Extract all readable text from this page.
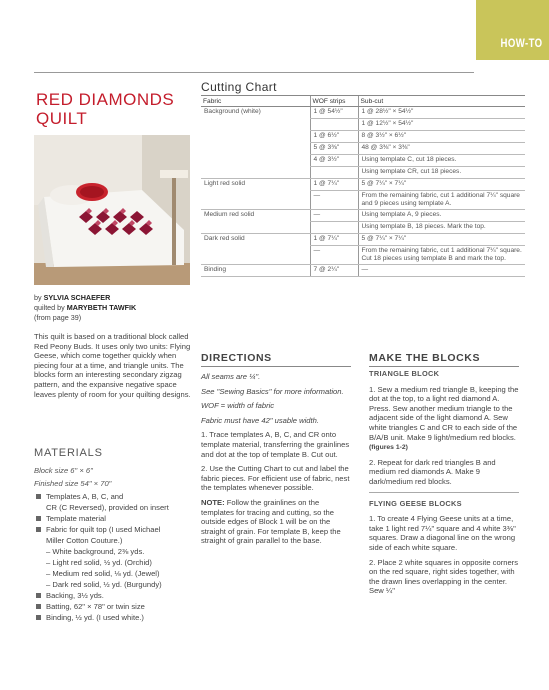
HOW-TO
RED DIAMONDS
QUILT
by SYLVIA SCHAEFER
quilted by MARYBETH TAWFIK
(from page 39)
This quilt is based on a traditional block called Red Peony Buds. It uses only two units: Flying Geese, which come together quickly when piecing four at a time, and triangle units. The blocks form an interesting secondary zigzag pattern, and the expansive negative space leaves plenty of room for your quilting designs.
MATERIALS
Block size 6" × 6"
Finished size 54" × 70"
Templates A, B, C, and
CR (C Reversed), provided on insert
Template material
Fabric for quilt top (I used Michael
Miller Cotton Couture.)
– White background, 2⅜ yds.
– Light red solid, ½ yd. (Orchid)
– Medium red solid, ⅛ yd. (Jewel)
– Dark red solid, ½ yd. (Burgundy)
Backing, 3½ yds.
Batting, 62" × 78" or twin size
Binding, ½ yd. (I used white.)
Cutting Chart
Fabric	WOF strips	Sub-cut
Background (white)	1 @ 54½"	1 @ 28½" × 54½"
		1 @ 12½" × 54½"
	1 @ 6½"	8 @ 3½" × 6½"
	5 @ 3⅜"	48 @ 3⅜" × 3⅜"
	4 @ 3½"	Using template C, cut 18 pieces.
		Using template CR, cut 18 pieces.
Light red solid	1 @ 7¼"	5 @ 7¼" × 7¼"
	—	From the remaining fabric, cut 1 additional 7¼" square and 9 pieces using template A.
Medium red solid	—	Using template A, 9 pieces.
		Using template B, 18 pieces. Mark the top.
Dark red solid	1 @ 7¼"	5 @ 7¼" × 7¼"
	—	From the remaining fabric, cut 1 additional 7¼" square. Cut 18 pieces using template B and mark the top.
Binding	7 @ 2¼"	—
DIRECTIONS

All seams are ¼".

See "Sewing Basics" for more information.

WOF = width of fabric

Fabric must have 42" usable width.

1. Trace templates A, B, C, and CR onto template material, transferring the grainlines and dot at the top of template B. Cut out.

2. Use the Cutting Chart to cut and label the fabric pieces. For efficient use of fabric, nest the templates whenever possible.

NOTE: Follow the grainlines on the templates for tracing and cutting, so the outside edges of Block 1 will be on the straight of grain. For template B, keep the straight of grain parallel to the base.

MAKE THE BLOCKS
TRIANGLE BLOCK

1. Sew a medium red triangle B, keeping the dot at the top, to a light red diamond A. Press. Sew another medium triangle to the adjacent side of the light diamond A. Sew white triangles C and CR to each side of the B/A/B unit. Make 9 light/medium red blocks. (figures 1-2)

2. Repeat for dark red triangles B and medium red diamonds A. Make 9 dark/medium red blocks.

FLYING GEESE BLOCKS

1. To create 4 Flying Geese units at a time, take 1 light red 7¼" square and 4 white 3⅜" squares. Draw a diagonal line on the wrong side of each white square.

2. Place 2 white squares in opposite corners on the red square, right sides together, with the drawn lines overlapping in the center. Sew ¼"
